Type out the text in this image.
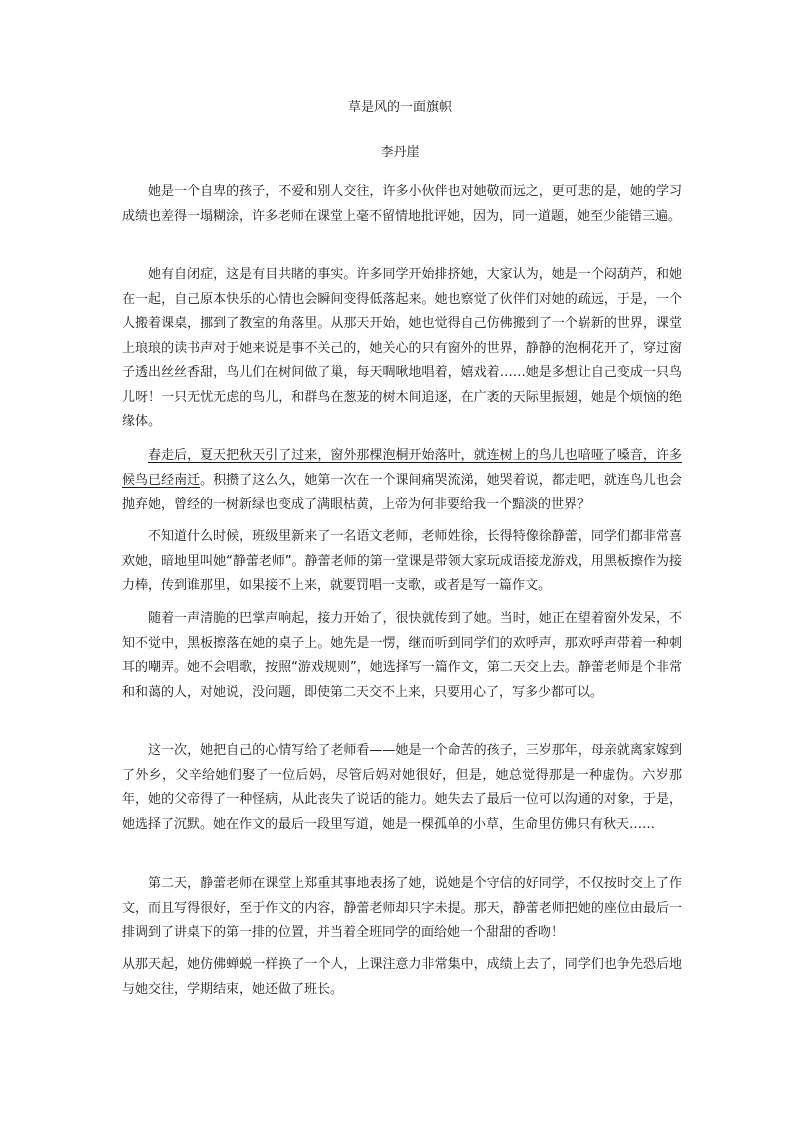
草是风的一面旗帜
李丹崖
她是一个自卑的孩子，不爱和别人交往，许多小伙伴也对她敬而远之，更可悲的是，她的学习成绩也差得一塌糊涂，许多老师在课堂上毫不留情地批评她，因为，同一道题，她至少能错三遍。
她有自闭症，这是有目共睹的事实。许多同学开始排挤她，大家认为，她是一个闷葫芦，和她在一起，自己原本快乐的心情也会瞬间变得低落起来。她也察觉了伙伴们对她的疏远，于是，一个人搬着课桌，挪到了教室的角落里。从那天开始，她也觉得自己仿佛搬到了一个崭新的世界，课堂上琅琅的读书声对于她来说是事不关己的，她关心的只有窗外的世界，静静的泡桐花开了，穿过窗子透出丝丝香甜，鸟儿们在树间做了巢，每天啁啾地唱着，嬉戏着……她是多想让自己变成一只鸟儿呀！一只无忧无虑的鸟儿，和群鸟在葱茏的树木间追逐，在广袤的天际里振翅，她是个烦恼的绝缘体。
春走后，夏天把秋天引了过来，窗外那棵泡桐开始落叶，就连树上的鸟儿也喑哑了嗓音，许多候鸟已经南迁。积攒了这么久，她第一次在一个课间痛哭流涕，她哭着说，都走吧，就连鸟儿也会抛弃她，曾经的一树新绿也变成了满眼枯黄，上帝为何非要给我一个黯淡的世界？
不知道什么时候，班级里新来了一名语文老师，老师姓徐，长得特像徐静蕾，同学们都非常喜欢她，暗地里叫她“静蕾老师”。静蕾老师的第一堂课是带领大家玩成语接龙游戏，用黑板擦作为接力棒，传到谁那里，如果接不上来，就要罚唱一支歌，或者是写一篇作文。
随着一声清脆的巴掌声响起，接力开始了，很快就传到了她。当时，她正在望着窗外发呆，不知不觉中，黑板擦落在她的桌子上。她先是一愣，继而听到同学们的欢呼声，那欢呼声带着一种刺耳的嘲弄。她不会唱歌，按照“游戏规则”，她选择写一篇作文，第二天交上去。静蕾老师是个非常和和蔼的人，对她说，没问题，即使第二天交不上来，只要用心了，写多少都可以。
这一次，她把自己的心情写给了老师看——她是一个命苦的孩子，三岁那年，母亲就离家嫁到了外乡，父辛给她们娶了一位后妈，尽管后妈对她很好，但是，她总觉得那是一种虚伪。六岁那年，她的父帝得了一种怪病，从此丧失了说话的能力。她失去了最后一位可以沟通的对象，于是，她选择了沉默。她在作文的最后一段里写道，她是一棵孤单的小草，生命里仿佛只有秋天……
第二天，静蕾老师在课堂上郑重其事地表扬了她，说她是个守信的好同学，不仅按时交上了作文，而且写得很好，至于作文的内容，静蕾老师却只字未提。那天，静蕾老师把她的座位由最后一排调到了讲桌下的第一排的位置，并当着全班同学的面给她一个甜甜的香吻！
从那天起，她仿佛蝉蜕一样换了一个人，上课注意力非常集中，成绩上去了，同学们也争先恐后地与她交往，学期结束，她还做了班长。
